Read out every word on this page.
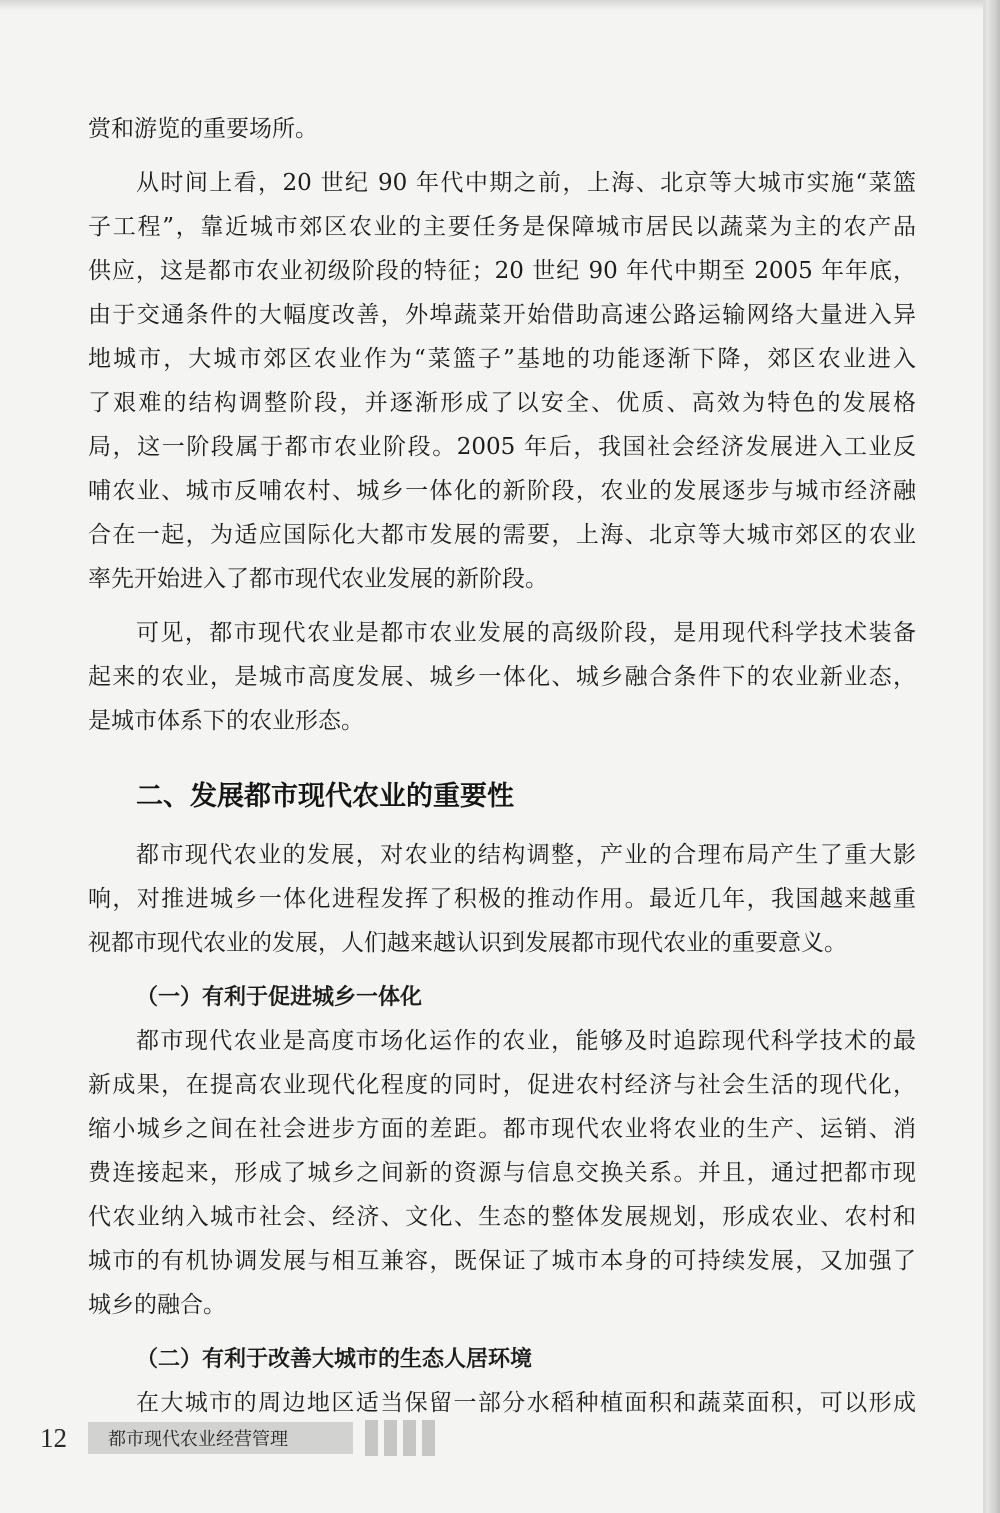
赏和游览的重要场所。
从时间上看，20 世纪 90 年代中期之前，上海、北京等大城市实施“菜篮
子工程”，靠近城市郊区农业的主要任务是保障城市居民以蔬菜为主的农产品
供应，这是都市农业初级阶段的特征；20 世纪 90 年代中期至 2005 年年底，
由于交通条件的大幅度改善，外埠蔬菜开始借助高速公路运输网络大量进入异
地城市，大城市郊区农业作为“菜篮子”基地的功能逐渐下降，郊区农业进入
了艰难的结构调整阶段，并逐渐形成了以安全、优质、高效为特色的发展格
局，这一阶段属于都市农业阶段。2005 年后，我国社会经济发展进入工业反
哺农业、城市反哺农村、城乡一体化的新阶段，农业的发展逐步与城市经济融
合在一起，为适应国际化大都市发展的需要，上海、北京等大城市郊区的农业
率先开始进入了都市现代农业发展的新阶段。
可见，都市现代农业是都市农业发展的高级阶段，是用现代科学技术装备
起来的农业，是城市高度发展、城乡一体化、城乡融合条件下的农业新业态，
是城市体系下的农业形态。
二、发展都市现代农业的重要性
都市现代农业的发展，对农业的结构调整，产业的合理布局产生了重大影
响，对推进城乡一体化进程发挥了积极的推动作用。最近几年，我国越来越重
视都市现代农业的发展，人们越来越认识到发展都市现代农业的重要意义。
（一）有利于促进城乡一体化
都市现代农业是高度市场化运作的农业，能够及时追踪现代科学技术的最
新成果，在提高农业现代化程度的同时，促进农村经济与社会生活的现代化，
缩小城乡之间在社会进步方面的差距。都市现代农业将农业的生产、运销、消
费连接起来，形成了城乡之间新的资源与信息交换关系。并且，通过把都市现
代农业纳入城市社会、经济、文化、生态的整体发展规划，形成农业、农村和
城市的有机协调发展与相互兼容，既保证了城市本身的可持续发展，又加强了
城乡的融合。
（二）有利于改善大城市的生态人居环境
在大城市的周边地区适当保留一部分水稻种植面积和蔬菜面积，可以形成
12	都市现代农业经营管理
